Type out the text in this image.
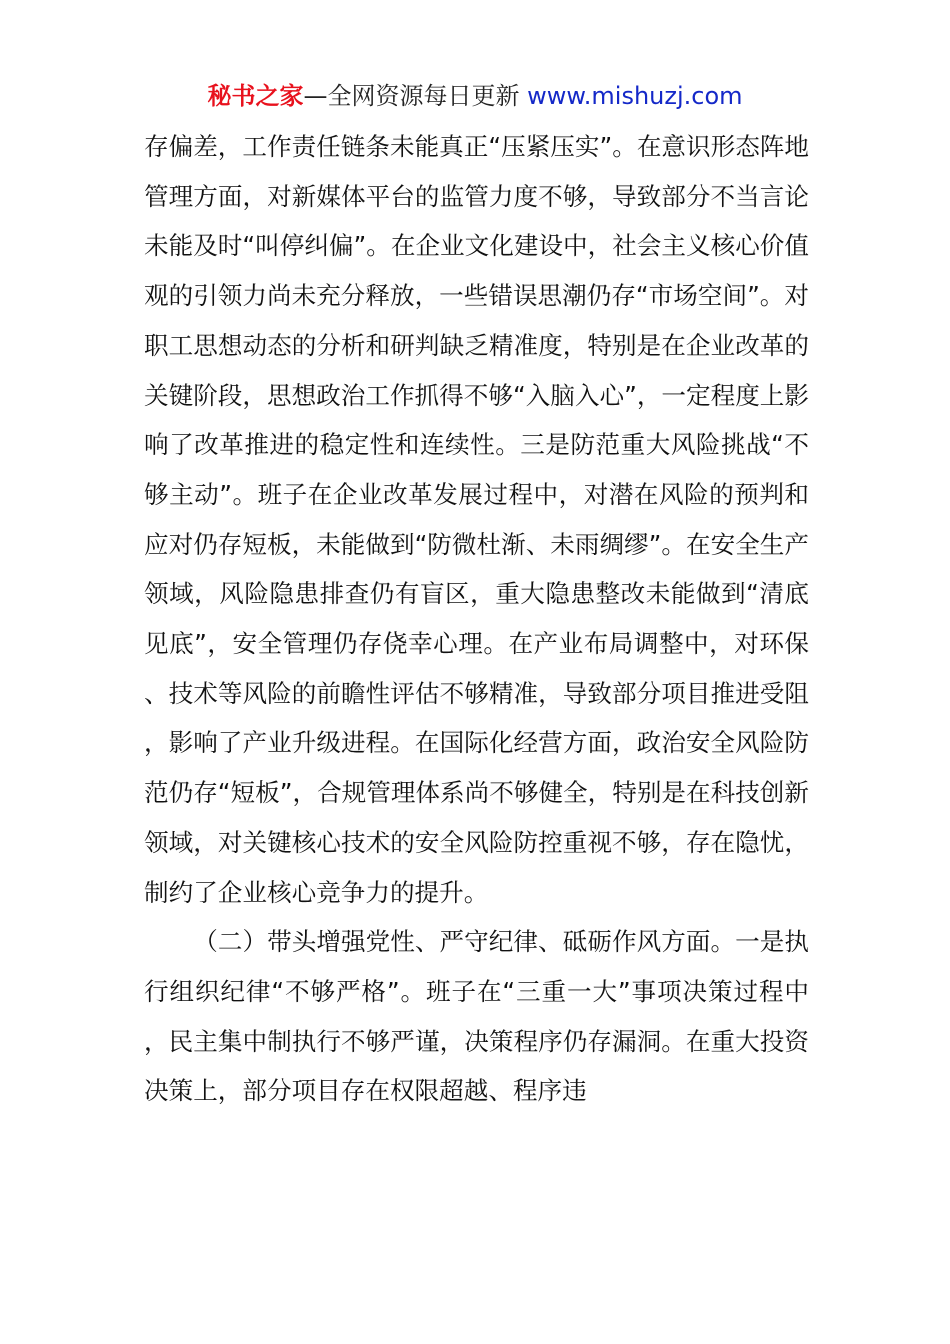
秘书之家—全网资源每日更新 www.mishuzj.com

存偏差，工作责任链条未能真正“压紧压实”。在意识形态阵地管理方面，对新媒体平台的监管力度不够，导致部分不当言论未能及时“叫停纠偏”。在企业文化建设中，社会主义核心价值观的引领力尚未充分释放，一些错误思潮仍存“市场空间”。对职工思想动态的分析和研判缺乏精准度，特别是在企业改革的关键阶段，思想政治工作抓得不够“入脑入心”，一定程度上影响了改革推进的稳定性和连续性。三是防范重大风险挑战“不够主动”。班子在企业改革发展过程中，对潜在风险的预判和应对仍存短板，未能做到“防微杜渐、未雨绸缪”。在安全生产领域，风险隐患排查仍有盲区，重大隐患整改未能做到“清底见底”，安全管理仍存侥幸心理。在产业布局调整中，对环保、技术等风险的前瞻性评估不够精准，导致部分项目推进受阻，影响了产业升级进程。在国际化经营方面，政治安全风险防范仍存“短板”，合规管理体系尚不够健全，特别是在科技创新领域，对关键核心技术的安全风险防控重视不够，存在隐忧，制约了企业核心竞争力的提升。

（二）带头增强党性、严守纪律、砥砺作风方面。一是执行组织纪律“不够严格”。班子在“三重一大”事项决策过程中，民主集中制执行不够严谨，决策程序仍存漏洞。在重大投资决策上，部分项目存在权限超越、程序违
